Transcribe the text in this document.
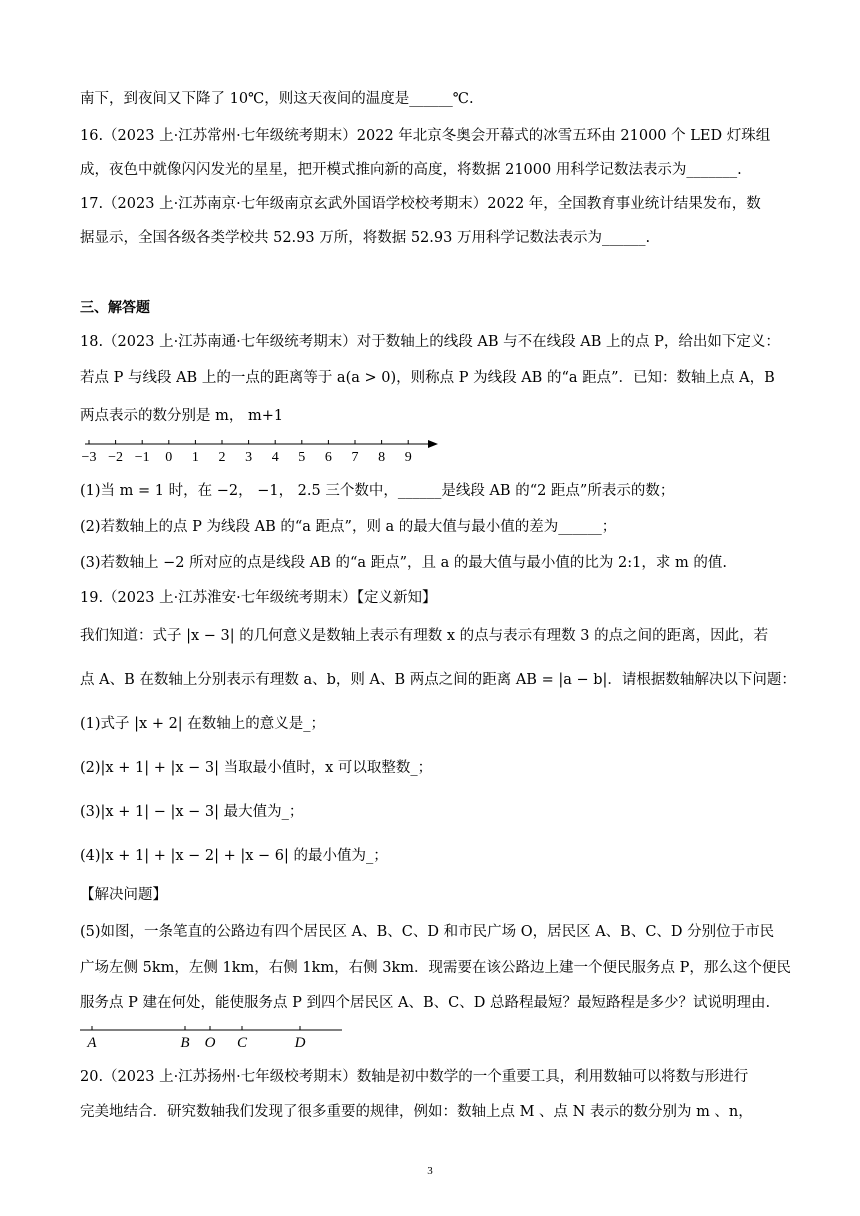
南下，到夜间又下降了 10℃，则这天夜间的温度是______℃.
16.（2023 上·江苏常州·七年级统考期末）2022 年北京冬奥会开幕式的冰雪五环由 21000 个 LED 灯珠组
成，夜色中就像闪闪发光的星星，把开模式推向新的高度，将数据 21000 用科学记数法表示为_______.
17.（2023 上·江苏南京·七年级南京玄武外国语学校校考期末）2022 年，全国教育事业统计结果发布，数
据显示，全国各级各类学校共 52.93 万所，将数据 52.93 万用科学记数法表示为______.
三、解答题
18.（2023 上·江苏南通·七年级统考期末）对于数轴上的线段 AB 与不在线段 AB 上的点 P，给出如下定义：
若点 P 与线段 AB 上的一点的距离等于 a(a > 0)，则称点 P 为线段 AB 的“a 距点”．已知：数轴上点 A，B
两点表示的数分别是 m， m+1
−3 −2 −1 0 1 2 3 4 5 6 7 8 9
(1)当 m = 1 时，在 −2， −1， 2.5 三个数中，______是线段 AB 的“2 距点”所表示的数；
(2)若数轴上的点 P 为线段 AB 的“a 距点”，则 a 的最大值与最小值的差为______；
(3)若数轴上 −2 所对应的点是线段 AB 的“a 距点”，且 a 的最大值与最小值的比为 2:1，求 m 的值.
19.（2023 上·江苏淮安·七年级统考期末）【定义新知】
我们知道：式子 |x − 3| 的几何意义是数轴上表示有理数 x 的点与表示有理数 3 的点之间的距离，因此，若
点 A、B 在数轴上分别表示有理数 a、b，则 A、B 两点之间的距离 AB = |a − b|．请根据数轴解决以下问题：
(1)式子 |x + 2| 在数轴上的意义是_；
(2)|x + 1| + |x − 3| 当取最小值时，x 可以取整数_；
(3)|x + 1| − |x − 3| 最大值为_；
(4)|x + 1| + |x − 2| + |x − 6| 的最小值为_；
【解决问题】
(5)如图，一条笔直的公路边有四个居民区 A、B、C、D 和市民广场 O，居民区 A、B、C、D 分别位于市民
广场左侧 5km，左侧 1km，右侧 1km，右侧 3km．现需要在该公路边上建一个便民服务点 P，那么这个便民
服务点 P 建在何处，能使服务点 P 到四个居民区 A、B、C、D 总路程最短？最短路程是多少？试说明理由.
A	B O C	D
20.（2023 上·江苏扬州·七年级校考期末）数轴是初中数学的一个重要工具，利用数轴可以将数与形进行
完美地结合．研究数轴我们发现了很多重要的规律，例如：数轴上点 M 、点 N 表示的数分别为 m 、n，
3
